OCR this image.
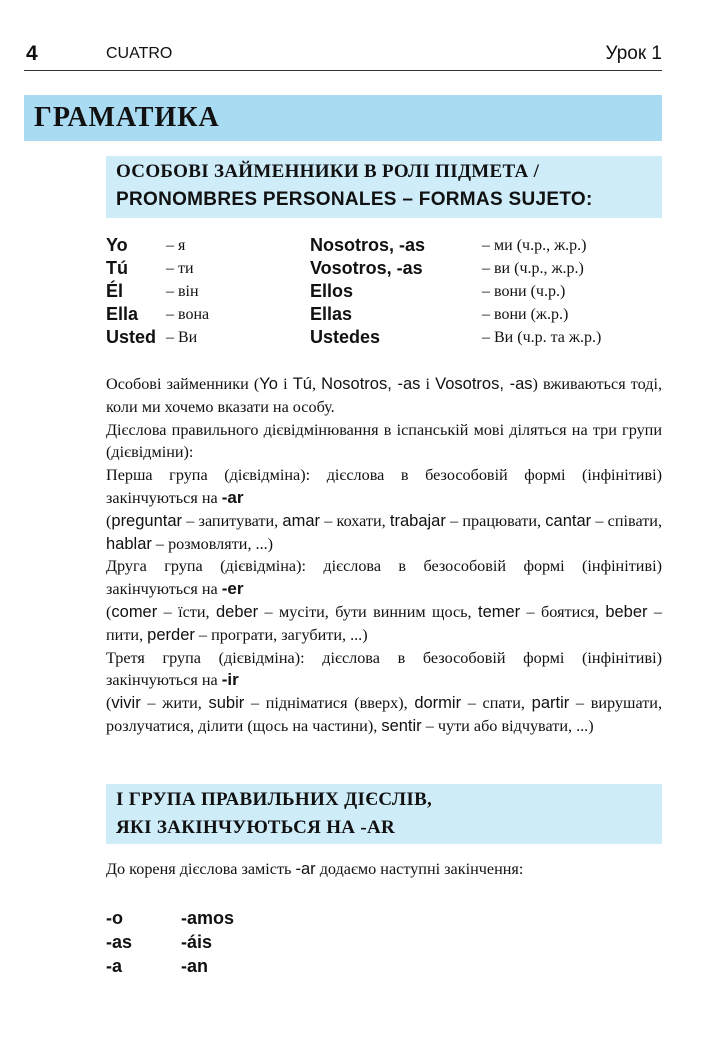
4	CUATRO	Урок 1
ГРАМАТИКА
ОСОБОВІ ЗАЙМЕННИКИ В РОЛІ ПІДМЕТА /
PRONOMBRES PERSONALES – FORMAS SUJETO:
Yo – я	Nosotros, -as	– ми (ч.р., ж.р.)
Tú – ти	Vosotros, -as	– ви (ч.р., ж.р.)
Él	– він	Ellos	– вони (ч.р.)
Ella – вона	Ellas	– вони (ж.р.)
Usted – Ви	Ustedes	– Ви (ч.р. та ж.р.)

Особові займенники (Yo і Tú, Nosotros, -as і Vosotros, -as) вживаються тоді, коли ми хочемо вказати на особу.

Дієслова правильного дієвідмінювання в іспанській мові діляться на три групи (дієвідміни):

Перша група (дієвідміна): дієслова в безособовій формі (інфінітиві) закінчуються на -ar
(preguntar – запитувати, amar – кохати, trabajar – працювати, cantar – співати, hablar – розмовляти, ...)

Друга група (дієвідміна): дієслова в безособовій формі (інфінітиві) закінчуються на -er
(comer – їсти, deber – мусіти, бути винним щось, temer – боятися, beber – пити, perder – програти, загубити, ...)

Третя група (дієвідміна): дієслова в безособовій формі (інфінітиві) закінчуються на -ir
(vivir – жити, subir – підніматися (вверх), dormir – спати, partir – вирушати, розлучатися, ділити (щось на частини), sentir – чути або відчувати, ...)

І ГРУПА ПРАВИЛЬНИХ ДІЄСЛІВ,
ЯКІ ЗАКІНЧУЮТЬСЯ НА -AR
До кореня дієслова замість -ar додаємо наступні закінчення:
-o	-amos
-as	-áis
-a	-an
